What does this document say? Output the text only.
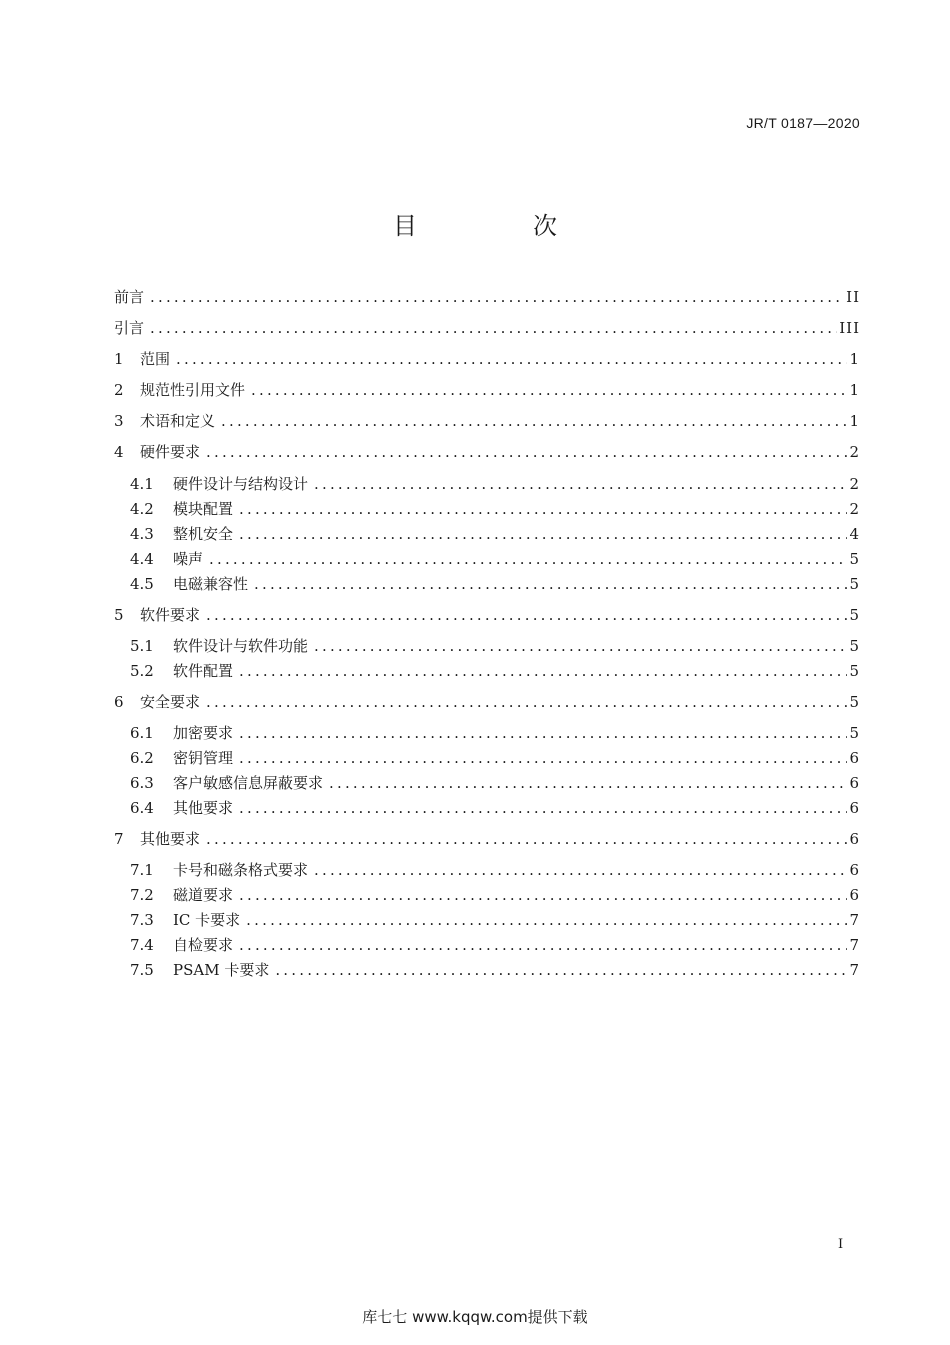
JR/T 0187—2020
目　次
前言 .....	II
引言 .....	III
1	范围 .....	1
2	规范性引用文件 .....	1
3	术语和定义 .....	1
4	硬件要求 .....	2
4.1	硬件设计与结构设计 .....	2
4.2	模块配置 .....	2
4.3	整机安全 .....	4
4.4	噪声 .....	5
4.5	电磁兼容性 .....	5
5	软件要求 .....	5
5.1	软件设计与软件功能 .....	5
5.2	软件配置 .....	5
6	安全要求 .....	5
6.1	加密要求 .....	5
6.2	密钥管理 .....	6
6.3	客户敏感信息屏蔽要求 .....	6
6.4	其他要求 .....	6
7	其他要求 .....	6
7.1	卡号和磁条格式要求 .....	6
7.2	磁道要求 .....	6
7.3	IC 卡要求 .....	7
7.4	自检要求 .....	7
7.5	PSAM 卡要求 .....	7
I
库七七 www.kqqw.com提供下载
